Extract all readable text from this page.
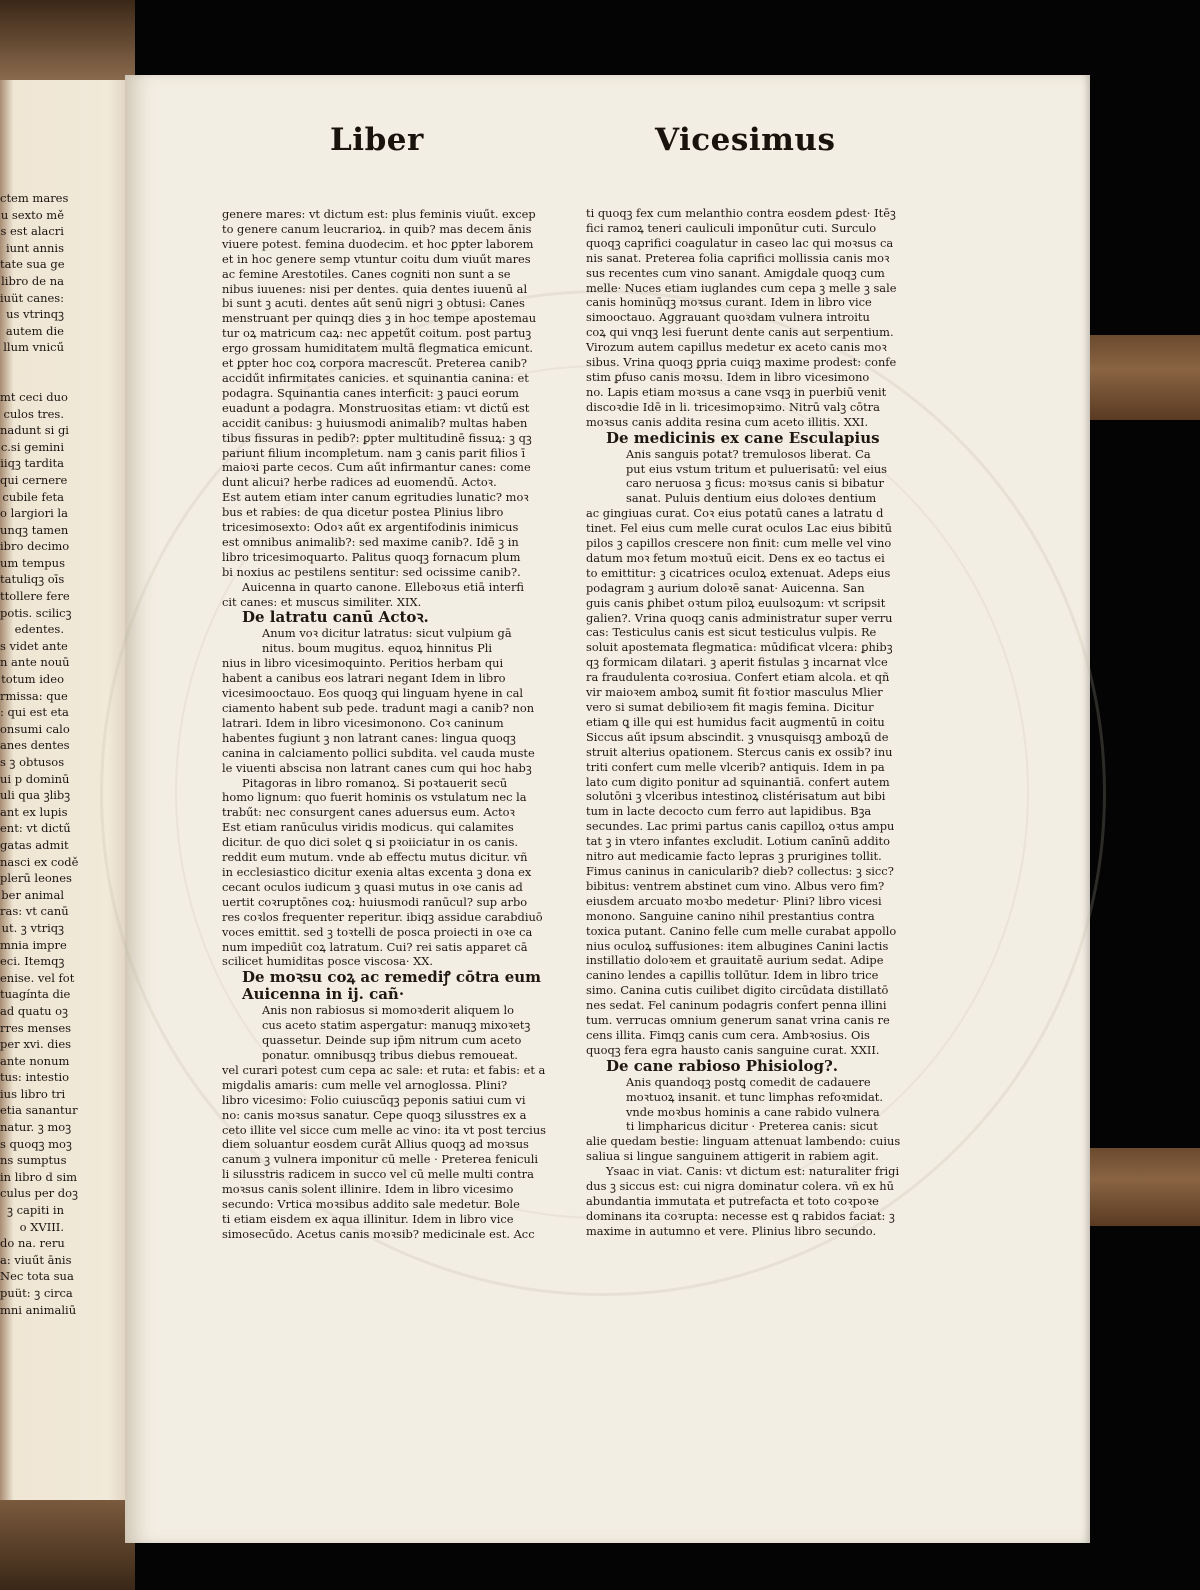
ctem mares
u sexto mě
s est alacri
iunt annis
tate sua ge
libro de na
iuüt canes:
us vtrinqꝫ
autem die
llum vnicű
mt ceci duo
culos tres.
nadunt si gi
c.si gemini
iiqꝫ tardita
qui cernere
cubile feta
o largiori la
unqꝫ tamen
ibro decimo
um tempus
tatuliqꝫ oīs
ttollere fere
potis. scilicꝫ
edentes.
s videt ante
n ante nouū
totum ideo
rmissa: que
: qui est eta
onsumi calo
anes dentes
s ꝫ obtusos
ui p dominū
uli qua ꝫlibꝫ
ant ex lupis
ent: vt dictű
gatas admit
nasci ex codě
plerū leones
ber animal
ras: vt canū
ut. ꝫ vtriqꝫ
mnia impre
eci. Itemqꝫ
enise. vel fot
tuagínta die
ad quatu oꝫ
rres menses
per xvi. dies
ante nonum
tus: intestio
ius libro tri
etia sanantur
natur. ꝫ moꝫ
s quoqꝫ moꝫ
ns sumptus
in libro d sim
culus per doꝫ
ꝫ capiti in
o XVIII.
do na. reru
a: viuűt ānis
Nec tota sua
puüt: ꝫ circa
mni animaliū
Liber	Vicesimus
genere mares: vt dictum est: plus feminis viuűt. excep
to genere canum leucrarioꝝ. in quib? mas decem ānis
viuere potest. femina duodecim. et hoc ꝑpter laborem
et in hoc genere semp vtuntur coitu dum viuűt mares
ac femine Arestotiles. Canes cogniti non sunt a se
nibus iuuenes: nisi per dentes. quia dentes iuuenū al
bi sunt ꝫ acuti. dentes aűt senū nigri ꝫ obtusi: Canes
menstruant per quinqꝫ dies ꝫ in hoc tempe apostemau
tur oꝝ matricum caꝝ: nec appetűt coitum. post partuꝫ
ergo grossam humiditatem multā flegmatica emicunt.
et ꝑpter hoc coꝝ corpora macrescűt. Preterea canib?
accidűt infirmitates canicies. et squinantia canina: et
podagra. Squinantia canes interficit: ꝫ pauci eorum
euadunt a podagra. Monstruositas etiam: vt dictű est
accidit canibus: ꝫ huiusmodi animalib? multas haben
tibus fissuras in pedib?: ꝑpter multitudinē fissuꝝ: ꝫ qꝫ
pariunt filium incompletum. nam ꝫ canis parit filios ī
maioꝛi parte cecos. Cum aűt infirmantur canes: come
dunt alicui? herbe radices ad euomendū. Actoꝛ.
Est autem etiam inter canum egritudies lunatic? moꝛ
bus et rabies: de qua dicetur postea Plinius libro
tricesimosexto: Odoꝛ aűt ex argentifodinis inimicus
est omnibus animalib?: sed maxime canib?. Idē ꝫ in
libro tricesimoquarto. Palitus quoqꝫ fornacum plum
bi noxius ac pestilens sentitur: sed ocissime canib?.
Auicenna in quarto canone. Elleboꝛus etiā interfi
cit canes: et muscus similiter. XIX.
De latratu canū Actoꝛ.
Anum voꝛ dicitur latratus: sicut vulpium gā
nitus. boum mugitus. equoꝝ hinnitus Pli
nius in libro vicesimoquinto. Peritios herbam qui
habent a canibus eos latrari negant Idem in libro
vicesimooctauo. Eos quoqꝫ qui linguam hyene in cal
ciamento habent sub pede. tradunt magi a canib? non
latrari. Idem in libro vicesimonono. Coꝛ caninum
habentes fugiunt ꝫ non latrant canes: lingua quoqꝫ
canina in calciamento pollici subdita. vel cauda muste
le viuenti abscisa non latrant canes cum qui hoc habꝫ
Pitagoras in libro romanoꝝ. Si poꝛtauerit secū
homo lignum: quo fuerit hominis os vstulatum nec la
trabűt: nec consurgent canes aduersus eum. Actoꝛ
Est etiam ranūculus viridis modicus. qui calamites
dicitur. de quo dici solet ꝗ si pꝛoiiciatur in os canis.
reddit eum mutum. vnde ab effectu mutus dicitur. vñ
in ecclesiastico dicitur exenia altas excenta ꝫ dona ex
cecant oculos iudicum ꝫ quasi mutus in oꝛe canis ad
uertit coꝛruptōnes coꝝ: huiusmodi ranūcul? sup arbo
res coꝛlos frequenter reperitur. ibiqꝫ assidue carabdiuō
voces emittit. sed ꝫ toꝛtelli de posca proiecti in oꝛe ca
num impediūt coꝝ latratum. Cui? rei satis apparet cā
scilicet humiditas posce viscosa· XX.
De moꝛsu coꝝ ac remediꝭ cōtra eum
Auicenna in ij. cañ·
Anis non rabiosus si momoꝛderit aliquem lo
cus aceto statim aspergatur: manuqꝫ mixoꝛetꝫ
quassetur. Deinde sup ip̄m nitrum cum aceto
ponatur. omnibusqꝫ tribus diebus remoueat.
vel curari potest cum cepa ac sale: et ruta: et fabis: et a
migdalis amaris: cum melle vel arnoglossa. Plini?
libro vicesimo: Folio cuiuscūqꝫ peponis satiui cum vi
no: canis moꝛsus sanatur. Cepe quoqꝫ silusstres ex a
ceto illite vel sicce cum melle ac vino: ita vt post tercius
diem soluantur eosdem curāt Allius quoqꝫ ad moꝛsus
canum ꝫ vulnera imponitur cū melle · Preterea feniculi
li silusstris radicem in succo vel cū melle multi contra
moꝛsus canis solent illinire. Idem in libro vicesimo
secundo: Vrtica moꝛsibus addito sale medetur. Bole
ti etiam eisdem ex aqua illinitur. Idem in libro vice
simosecūdo. Acetus canis moꝛsib? medicinale est. Acc
ti quoqꝫ fex cum melanthio contra eosdem ꝑdest· Itēꝫ
fici ramoꝝ teneri cauliculi imponūtur cuti. Surculo
quoqꝫ caprifici coagulatur in caseo lac qui moꝛsus ca
nis sanat. Preterea folia caprifici mollissia canis moꝛ
sus recentes cum vino sanant. Amigdale quoqꝫ cum
melle· Nuces etiam iuglandes cum cepa ꝫ melle ꝫ sale
canis hominūqꝫ moꝛsus curant. Idem in libro vice
simooctauo. Aggrauant quoꝛdam vulnera introitu
coꝝ qui vnqꝫ lesi fuerunt dente canis aut serpentium.
Virozum autem capillus medetur ex aceto canis moꝛ
sibus. Vrina quoqꝫ ꝑpria cuiqꝫ maxime prodest: confe
stim ꝑfuso canis moꝛsu. Idem in libro vicesimono
no. Lapis etiam moꝛsus a cane vsqꝫ in puerbiū venit
discoꝛdie Idē in li. tricesimopꝛimo. Nitrū valꝫ cōtra
moꝛsus canis addita resina cum aceto illitis. XXI.
De medicinis ex cane Esculapius
Anis sanguis potat? tremulosos liberat. Ca
put eius vstum tritum et puluerisatū: vel eius
caro neruosa ꝫ ficus: moꝛsus canis si bibatur
sanat. Puluis dentium eius doloꝛes dentium
ac gingiuas curat. Coꝛ eius potatū canes a latratu d
tinet. Fel eius cum melle curat oculos Lac eius bibitū
pilos ꝫ capillos crescere non finit: cum melle vel vino
datum moꝛ fetum moꝛtuū eicit. Dens ex eo tactus ei
to emittitur: ꝫ cicatrices oculoꝝ extenuat. Adeps eius
podagram ꝫ aurium doloꝛē sanat· Auicenna. San
guis canis ꝑhibet oꝛtum piloꝝ euulsoꝝum: vt scripsit
galien?. Vrina quoqꝫ canis administratur super verru
cas: Testiculus canis est sicut testiculus vulpis. Re
soluit apostemata flegmatica: mūdificat vlcera: ꝑhibꝫ
qꝫ formicam dilatari. ꝫ aperit fistulas ꝫ incarnat vlce
ra fraudulenta coꝛrosiua. Confert etiam alcola. et qñ
vir maioꝛem amboꝝ sumit fit foꝛtior masculus Mlier
vero si sumat debilioꝛem fit magis femina. Dicitur
etiam ꝗ ille qui est humidus facit augmentū in coitu
Siccus aűt ipsum abscindit. ꝫ vnusquisqꝫ amboꝝū de
struit alterius opationem. Stercus canis ex ossib? inu
triti confert cum melle vlcerib? antiquis. Idem in pa
lato cum digito ponitur ad squinantiā. confert autem
solutōni ꝫ vlceribus intestinoꝝ clistérisatum aut bibi
tum in lacte decocto cum ferro aut lapidibus. Bꝫa
secundes. Lac primi partus canis capilloꝝ oꝛtus ampu
tat ꝫ in vtero infantes excludit. Lotium canīnū addito
nitro aut medicamie facto lepras ꝫ prurigines tollit.
Fimus caninus in canicularib? dieb? collectus: ꝫ sicc?
bibitus: ventrem abstinet cum vino. Albus vero fim?
eiusdem arcuato moꝛbo medetur· Plini? libro vicesi
monono. Sanguine canino nihil prestantius contra
toxica putant. Canino felle cum melle curabat appollo
nius oculoꝝ suffusiones: item albugines Canini lactis
instillatio doloꝛem et grauitatē aurium sedat. Adipe
canino lendes a capillis tollūtur. Idem in libro trice
simo. Canina cutis cuilibet digito circūdata distillatō
nes sedat. Fel caninum podagris confert penna illini
tum. verrucas omnium generum sanat vrina canis re
cens illita. Fimqꝫ canis cum cera. Ambꝛosius. Ois
quoqꝫ fera egra hausto canis sanguine curat. XXII.
De cane rabioso Phisiolog?.
Anis quandoqꝫ postꝗ comedit de cadauere
moꝛtuoꝝ insanit. et tunc limphas refoꝛmidat.
vnde moꝛbus hominis a cane rabido vulnera
ti limpharicus dicitur · Preterea canis: sicut
alie quedam bestie: linguam attenuat lambendo: cuius
saliua si lingue sanguinem attigerit in rabiem agit.
Ysaac in viat. Canis: vt dictum est: naturaliter frigi
dus ꝫ siccus est: cui nigra dominatur colera. vñ ex hū
abundantia immutata et putrefacta et toto coꝛpoꝛe
dominans ita coꝛrupta: necesse est ꝗ rabidos faciat: ꝫ
maxime in autumno et vere. Plinius libro secundo.
